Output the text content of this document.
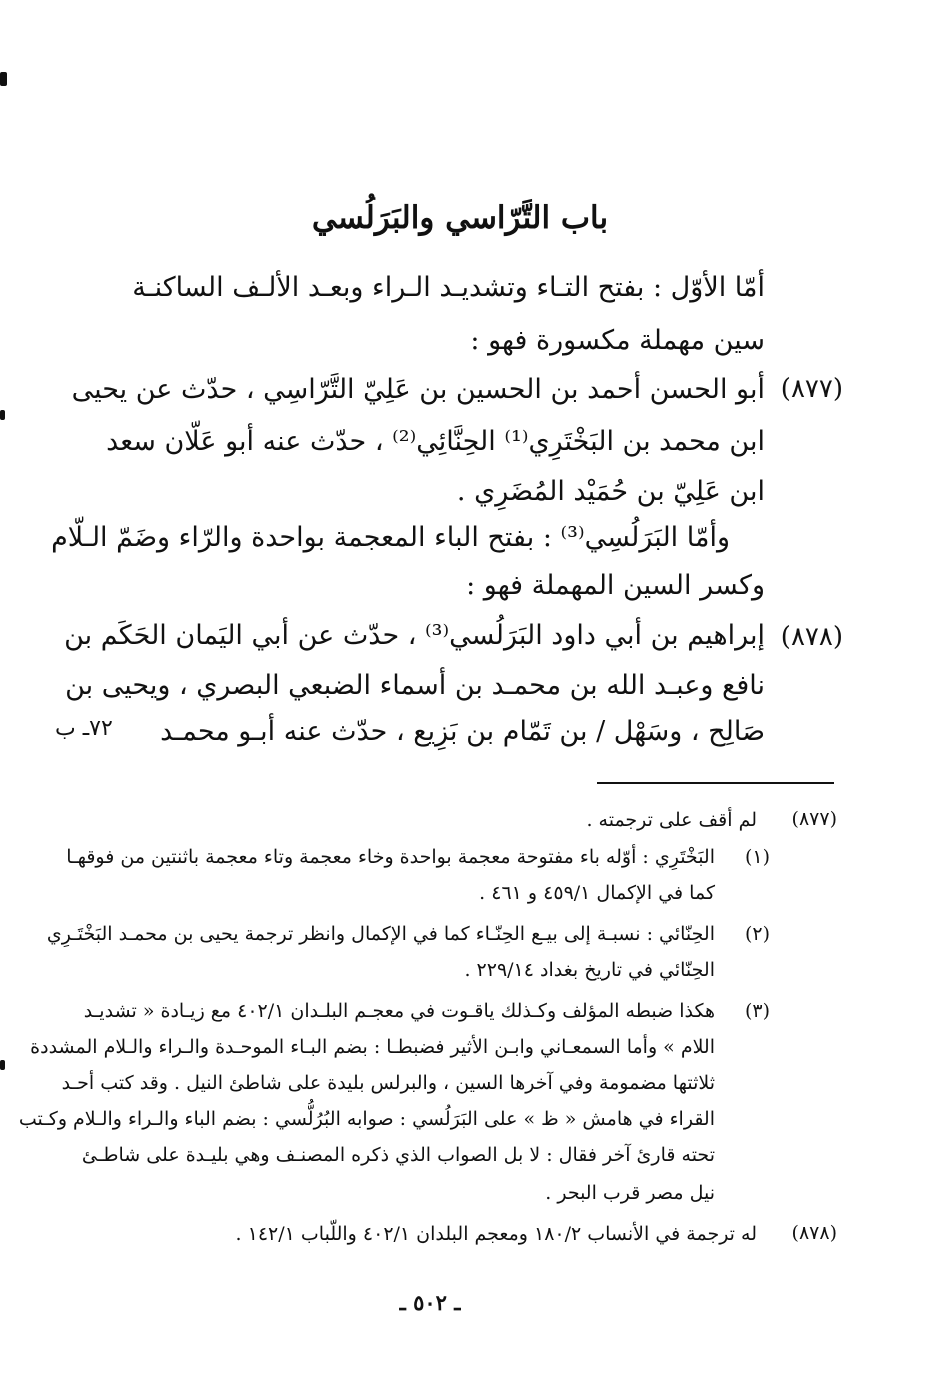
باب التَّرّاسي والبَرَلُسي
أمّا الأوّل : بفتح التـاء وتشديـد الـراء وبعـد الألـف الساكنـة
سين مهملة مكسورة فهو :
(٨٧٧)
أبو الحسن أحمد بن الحسين بن عَلِيّ التَّرّاسِي ، حدّث عن يحيى
ابن محمد بن البَخْتَرِي⁽¹⁾ الحِنَّائِي⁽²⁾ ، حدّث عنه أبو عَلّان سعد
ابن عَلِيّ بن حُمَيْد المُضَرِي .
وأمّا البَرَلُسِي⁽³⁾ : بفتح الباء المعجمة بواحدة والرّاء وضَمّ الـلّام
وكسر السين المهملة فهو :
(٨٧٨)
إبراهيم بن أبي داود البَرَلُسي⁽³⁾ ، حدّث عن أبي اليَمان الحَكَم بن
نافع وعبـد الله بن محمـد بن أسماء الضبعي البصري ، ويحيى بن
صَالِح ، وسَهْل / بن تَمّام بن بَزِيع ، حدّث عنه أبـو محمـد
٧٢ـ ب
(٨٧٧)
لم أقف على ترجمته .
(١)
البَخْتَرِي : أوّله باء مفتوحة معجمة بواحدة وخاء معجمة وتاء معجمة باثنتين من فوقهـا
كما في الإكمال ٤٥٩/١ و ٤٦١ .
(٢)
الحِنّائي : نسبـة إلى بيـع الحِنّـاء كما في الإكمال وانظر ترجمة يحيى بن محمـد البَخْتَـرِي
الحِنّائي في تاريخ بغداد ٢٢٩/١٤ .
(٣)
هكذا ضبطه المؤلف وكـذلك ياقـوت في معجـم البلـدان ٤٠٢/١ مع زيـادة « تشديـد
اللام » وأما السمعـاني وابـن الأثير فضبطـا : بضم البـاء الموحـدة والـراء والـلام المشددة
ثلاثتها مضمومة وفي آخرها السين ، والبرلس بليدة على شاطئ النيل . وقد كتب أحـد
القراء في هامش « ظ » على البَرَلُسي : صوابه البُرُلُّسي : بضم الباء والـراء والـلام وكـتب
تحته قارئ آخر فقال : لا بل الصواب الذي ذكره المصنـف وهي بليـدة على شاطـئ
نيل مصر قرب البحر .
(٨٧٨)
له ترجمة في الأنساب ١٨٠/٢ ومعجم البلدان ٤٠٢/١ واللّباب ١٤٢/١ .
ـ ٥٠٢ ـ
